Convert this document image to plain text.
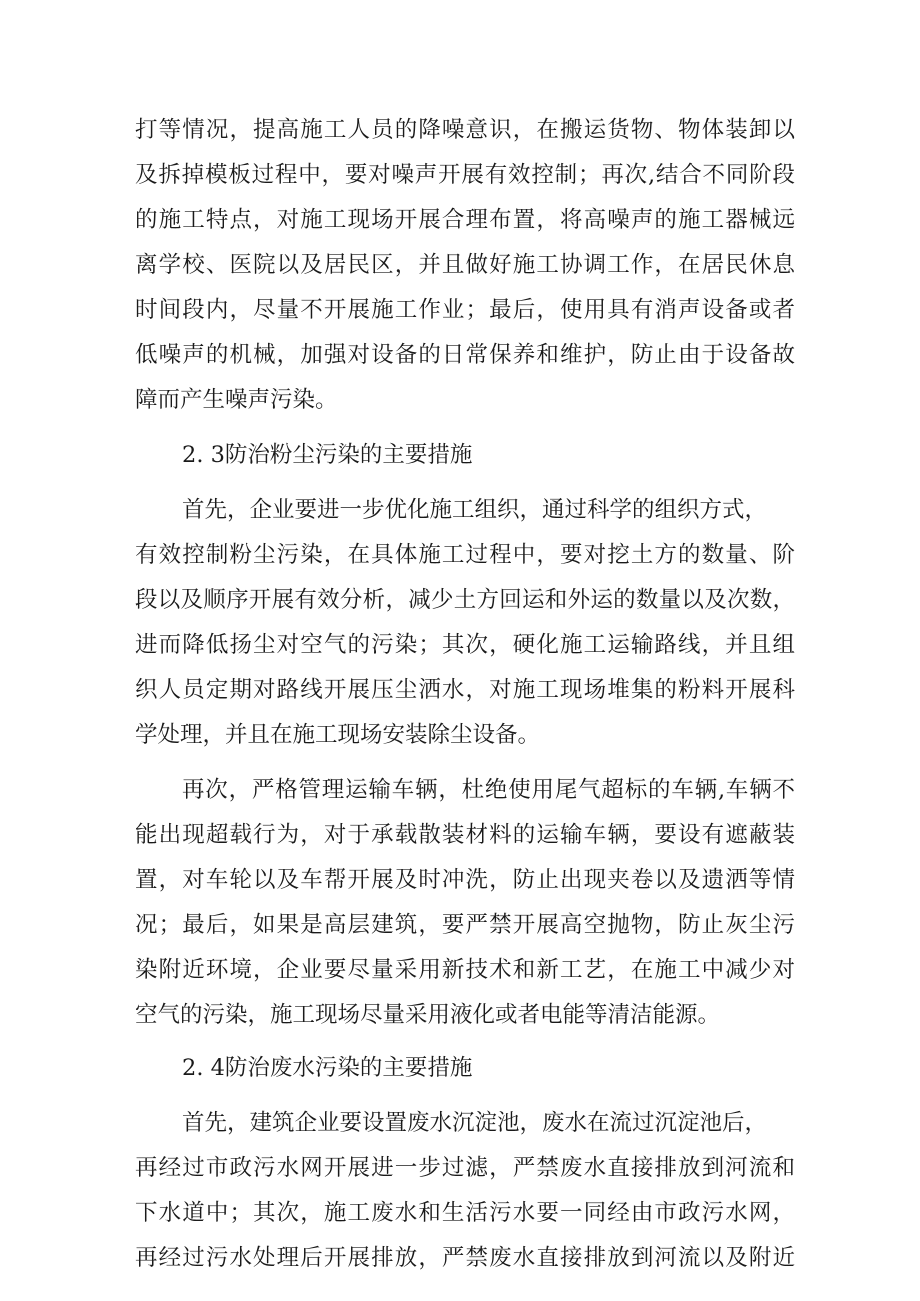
打等情况，提高施工人员的降噪意识，在搬运货物、物体装卸以

及拆掉模板过程中，要对噪声开展有效控制；再次,结合不同阶段

的施工特点，对施工现场开展合理布置，将高噪声的施工器械远

离学校、医院以及居民区，并且做好施工协调工作，在居民休息

时间段内，尽量不开展施工作业；最后，使用具有消声设备或者

低噪声的机械，加强对设备的日常保养和维护，防止由于设备故

障而产生噪声污染。

2. 3防治粉尘污染的主要措施

首先，企业要进一步优化施工组织，通过科学的组织方式，

有效控制粉尘污染，在具体施工过程中，要对挖土方的数量、阶

段以及顺序开展有效分析，减少土方回运和外运的数量以及次数，

进而降低扬尘对空气的污染；其次，硬化施工运输路线，并且组

织人员定期对路线开展压尘洒水，对施工现场堆集的粉料开展科

学处理，并且在施工现场安装除尘设备。

再次，严格管理运输车辆，杜绝使用尾气超标的车辆,车辆不

能出现超载行为，对于承载散装材料的运输车辆，要设有遮蔽装

置，对车轮以及车帮开展及时冲洗，防止出现夹卷以及遗洒等情

况；最后，如果是高层建筑，要严禁开展高空抛物，防止灰尘污

染附近环境，企业要尽量采用新技术和新工艺，在施工中减少对

空气的污染，施工现场尽量采用液化或者电能等清洁能源。

2. 4防治废水污染的主要措施

首先，建筑企业要设置废水沉淀池，废水在流过沉淀池后，

再经过市政污水网开展进一步过滤，严禁废水直接排放到河流和

下水道中；其次，施工废水和生活污水要一同经由市政污水网，

再经过污水处理后开展排放，严禁废水直接排放到河流以及附近
